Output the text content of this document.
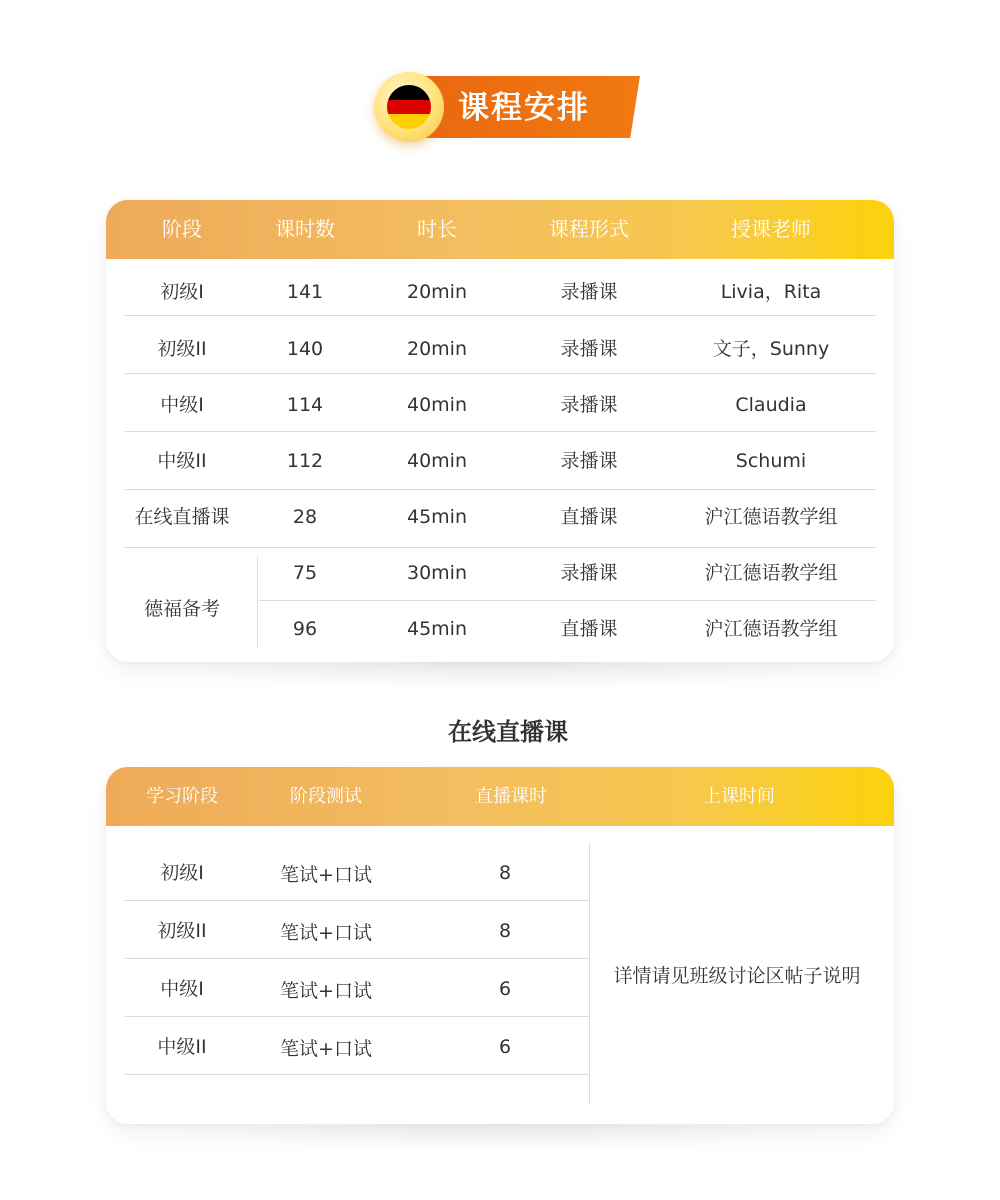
课程安排
阶段	课时数	时长	课程形式	授课老师
初级I	141	20min	录播课	Livia，Rita
初级II	140	20min	录播课	文子，Sunny
中级I	114	40min	录播课	Claudia
中级II	112	40min	录播课	Schumi
在线直播课	28	45min	直播课	沪江德语教学组
德福备考
75	30min	录播课	沪江德语教学组
96	45min	直播课	沪江德语教学组
在线直播课
学习阶段	阶段测试	直播课时	上课时间
初级I	笔试+口试	8
初级II	笔试+口试	8
中级I	笔试+口试	6
中级II	笔试+口试	6
详情请见班级讨论区帖子说明
